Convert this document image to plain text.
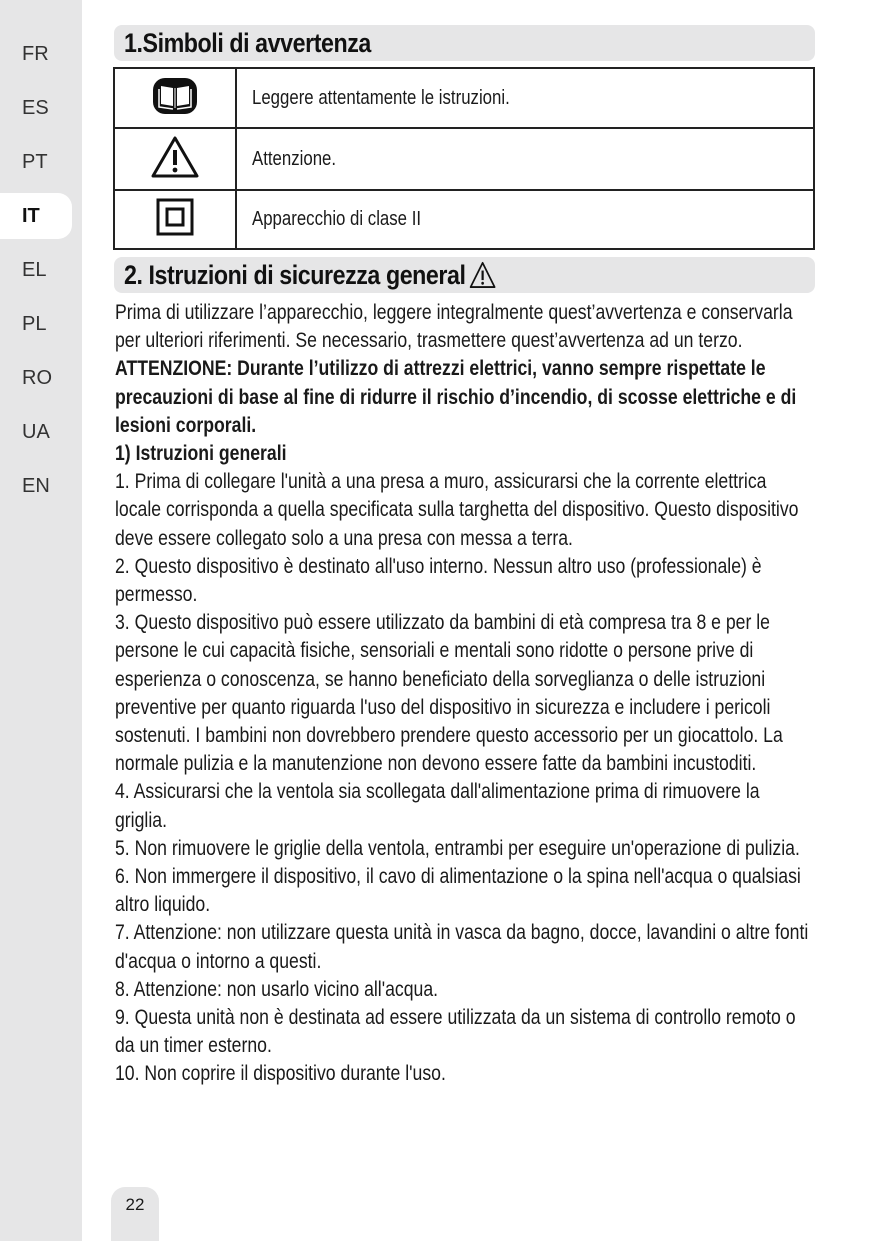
FR
ES
PT
IT
EL
PL
RO
UA
EN
1.Simboli di avvertenza
	Leggere attentamente le istruzioni.
	Attenzione.
	Apparecchio di clase II
2. Istruzioni di sicurezza general

Prima di utilizzare l’apparecchio, leggere integralmente quest’avvertenza e conservarla per ulteriori riferimenti. Se necessario, trasmettere quest’avvertenza ad un terzo.

ATTENZIONE: Durante l’utilizzo di attrezzi elettrici, vanno sempre rispettate le precauzioni di base al fine di ridurre il rischio d’incendio, di scosse elettriche e di lesioni corporali.

1) Istruzioni generali

1. Prima di collegare l'unità a una presa a muro, assicurarsi che la corrente elettrica locale corrisponda a quella specificata sulla targhetta del dispositivo. Questo dispositivo deve essere collegato solo a una presa con messa a terra.

2. Questo dispositivo è destinato all'uso interno. Nessun altro uso (professionale) è permesso.

3. Questo dispositivo può essere utilizzato da bambini di età compresa tra 8 e per le persone le cui capacità fisiche, sensoriali e mentali sono ridotte o persone prive di esperienza o conoscenza, se hanno beneficiato della sorveglianza o delle istruzioni preventive per quanto riguarda l'uso del dispositivo in sicurezza e includere i pericoli sostenuti. I bambini non dovrebbero prendere questo accessorio per un giocattolo. La normale pulizia e la manutenzione non devono essere fatte da bambini incustoditi.

4. Assicurarsi che la ventola sia scollegata dall'alimentazione prima di rimuovere la griglia.

5. Non rimuovere le griglie della ventola, entrambi per eseguire un'operazione di pulizia.

6. Non immergere il dispositivo, il cavo di alimentazione o la spina nell'acqua o qualsiasi altro liquido.

7. Attenzione: non utilizzare questa unità in vasca da bagno, docce, lavandini o altre fonti d'acqua o intorno a questi.

8. Attenzione: non usarlo vicino all'acqua.

9. Questa unità non è destinata ad essere utilizzata da un sistema di controllo remoto o da un timer esterno.

10. Non coprire il dispositivo durante l'uso.

22
